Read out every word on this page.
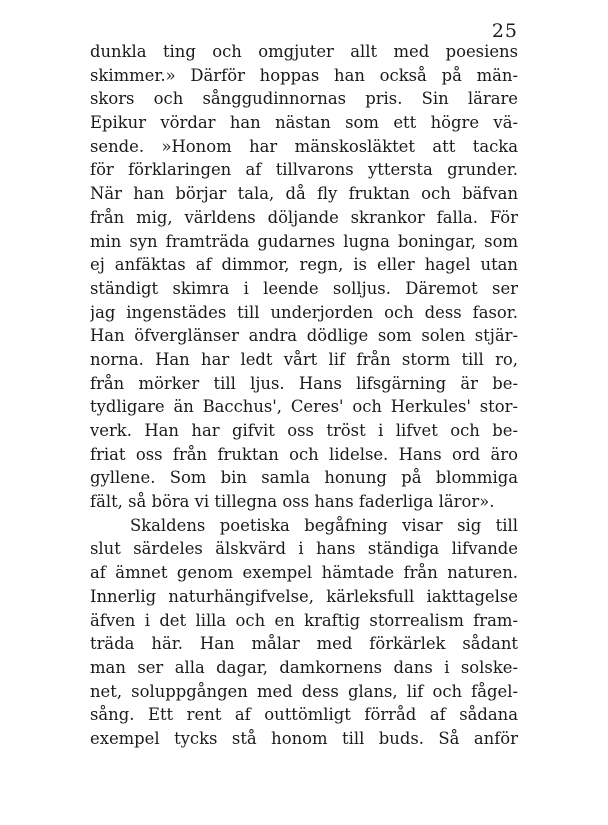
25
dunkla ting och omgjuter allt med poesiens
skimmer.» Därför hoppas han också på män-
skors och sånggudinnornas pris. Sin lärare
Epikur vördar han nästan som ett högre vä-
sende. »Honom har mänskosläktet att tacka
för förklaringen af tillvarons yttersta grunder.
När han börjar tala, då fly fruktan och bäfvan
från mig, världens döljande skrankor falla. För
min syn framträda gudarnes lugna boningar, som
ej anfäktas af dimmor, regn, is eller hagel utan
ständigt skimra i leende solljus. Däremot ser
jag ingenstädes till underjorden och dess fasor.
Han öfverglänser andra dödlige som solen stjär-
norna. Han har ledt vårt lif från storm till ro,
från mörker till ljus. Hans lifsgärning är be-
tydligare än Bacchus', Ceres' och Herkules' stor-
verk. Han har gifvit oss tröst i lifvet och be-
friat oss från fruktan och lidelse. Hans ord äro
gyllene. Som bin samla honung på blommiga
fält, så böra vi tillegna oss hans faderliga läror».
Skaldens poetiska begåfning visar sig till
slut särdeles älskvärd i hans ständiga lifvande
af ämnet genom exempel hämtade från naturen.
Innerlig naturhängifvelse, kärleksfull iakttagelse
äfven i det lilla och en kraftig storrealism fram-
träda här. Han målar med förkärlek sådant
man ser alla dagar, damkornens dans i solske-
net, soluppgången med dess glans, lif och fågel-
sång. Ett rent af outtömligt förråd af sådana
exempel tycks stå honom till buds. Så anför
